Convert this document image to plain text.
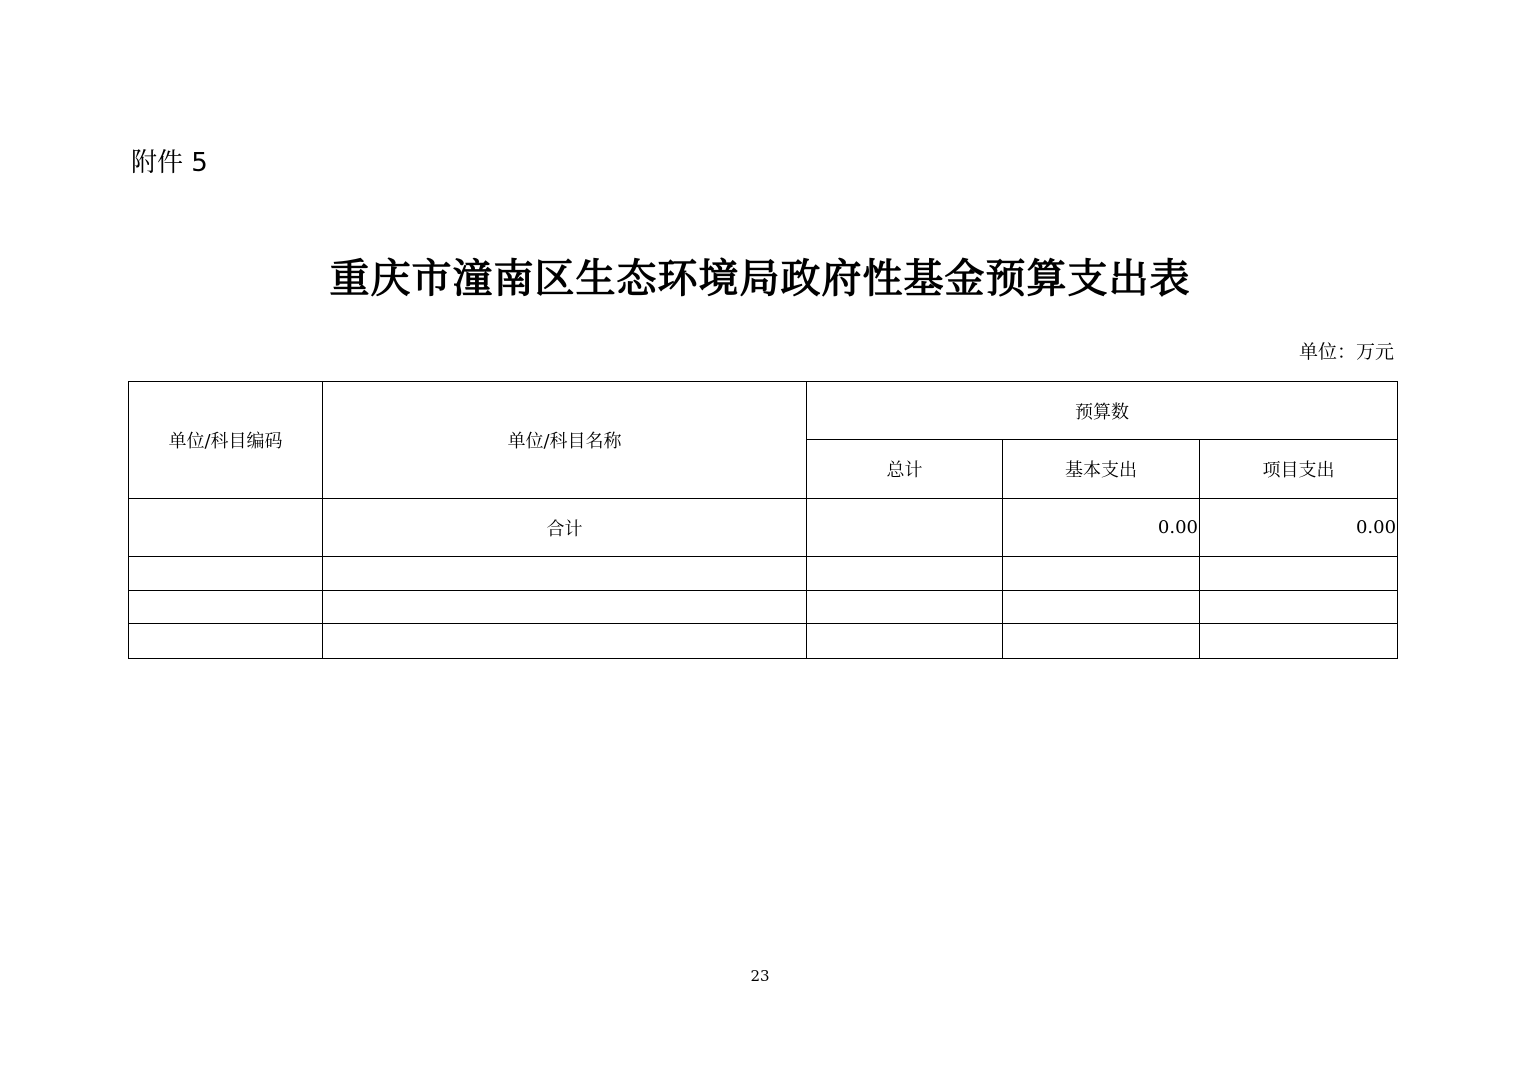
附件 5
重庆市潼南区生态环境局政府性基金预算支出表
单位：万元
单位/科目编码	单位/科目名称	预算数		
		总计	基本支出	项目支出
	合计		0.00	0.00

23
